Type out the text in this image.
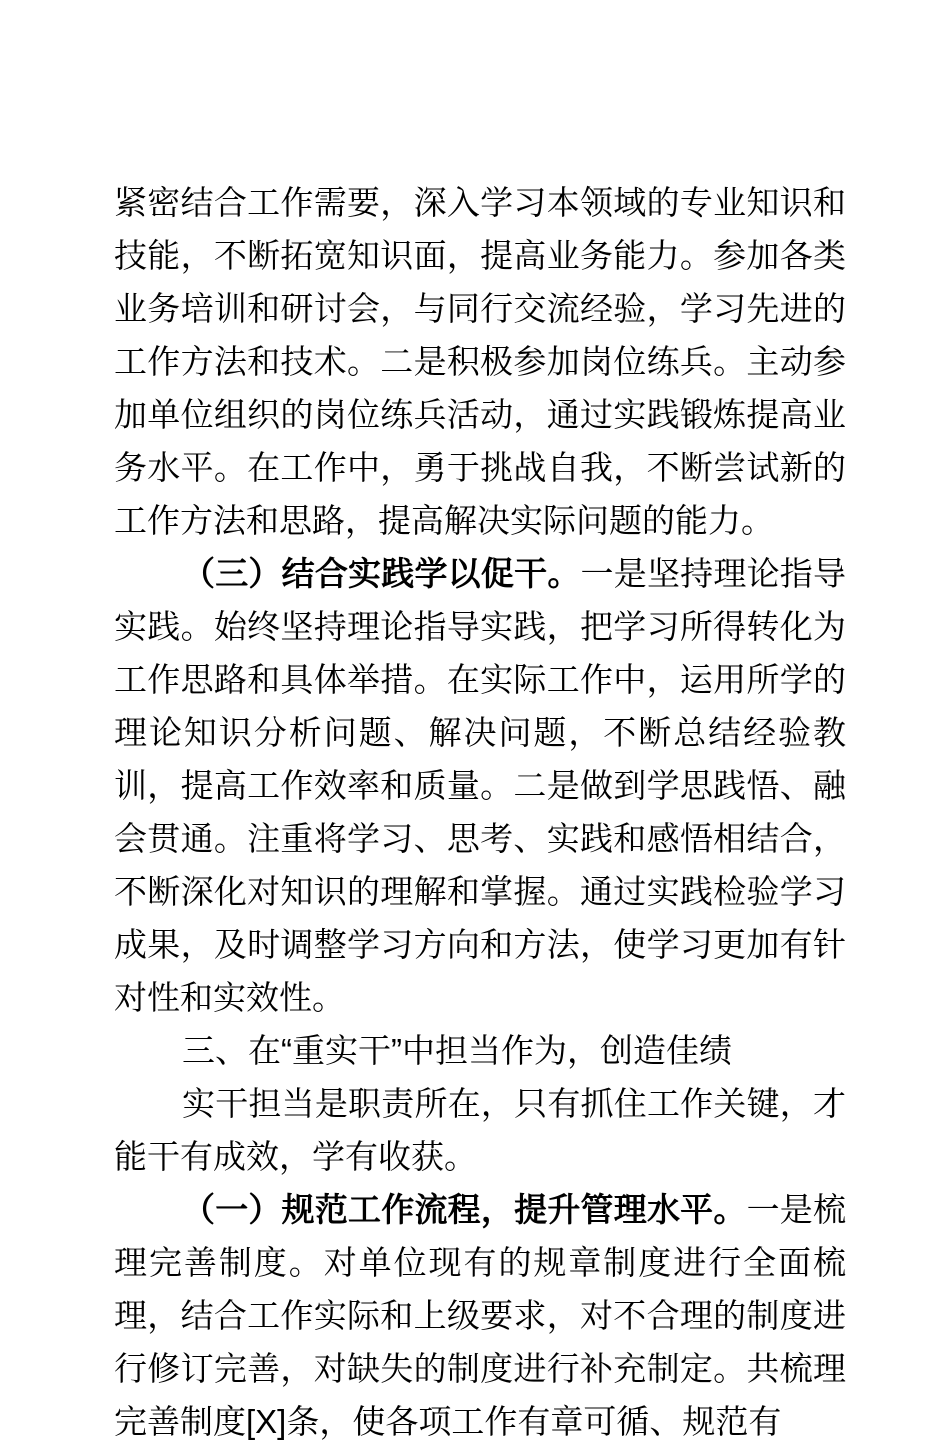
紧密结合工作需要，深入学习本领域的专业知识和技能，不断拓宽知识面，提高业务能力。参加各类业务培训和研讨会，与同行交流经验，学习先进的工作方法和技术。二是积极参加岗位练兵。主动参加单位组织的岗位练兵活动，通过实践锻炼提高业务水平。在工作中，勇于挑战自我，不断尝试新的工作方法和思路，提高解决实际问题的能力。

（三）结合实践学以促干。一是坚持理论指导实践。始终坚持理论指导实践，把学习所得转化为工作思路和具体举措。在实际工作中，运用所学的理论知识分析问题、解决问题，不断总结经验教训，提高工作效率和质量。二是做到学思践悟、融会贯通。注重将学习、思考、实践和感悟相结合，不断深化对知识的理解和掌握。通过实践检验学习成果，及时调整学习方向和方法，使学习更加有针对性和实效性。

三、在“重实干”中担当作为，创造佳绩

实干担当是职责所在，只有抓住工作关键，才能干有成效，学有收获。

（一）规范工作流程，提升管理水平。一是梳理完善制度。对单位现有的规章制度进行全面梳理，结合工作实际和上级要求，对不合理的制度进行修订完善，对缺失的制度进行补充制定。共梳理完善制度[X]条，使各项工作有章可循、规范有
